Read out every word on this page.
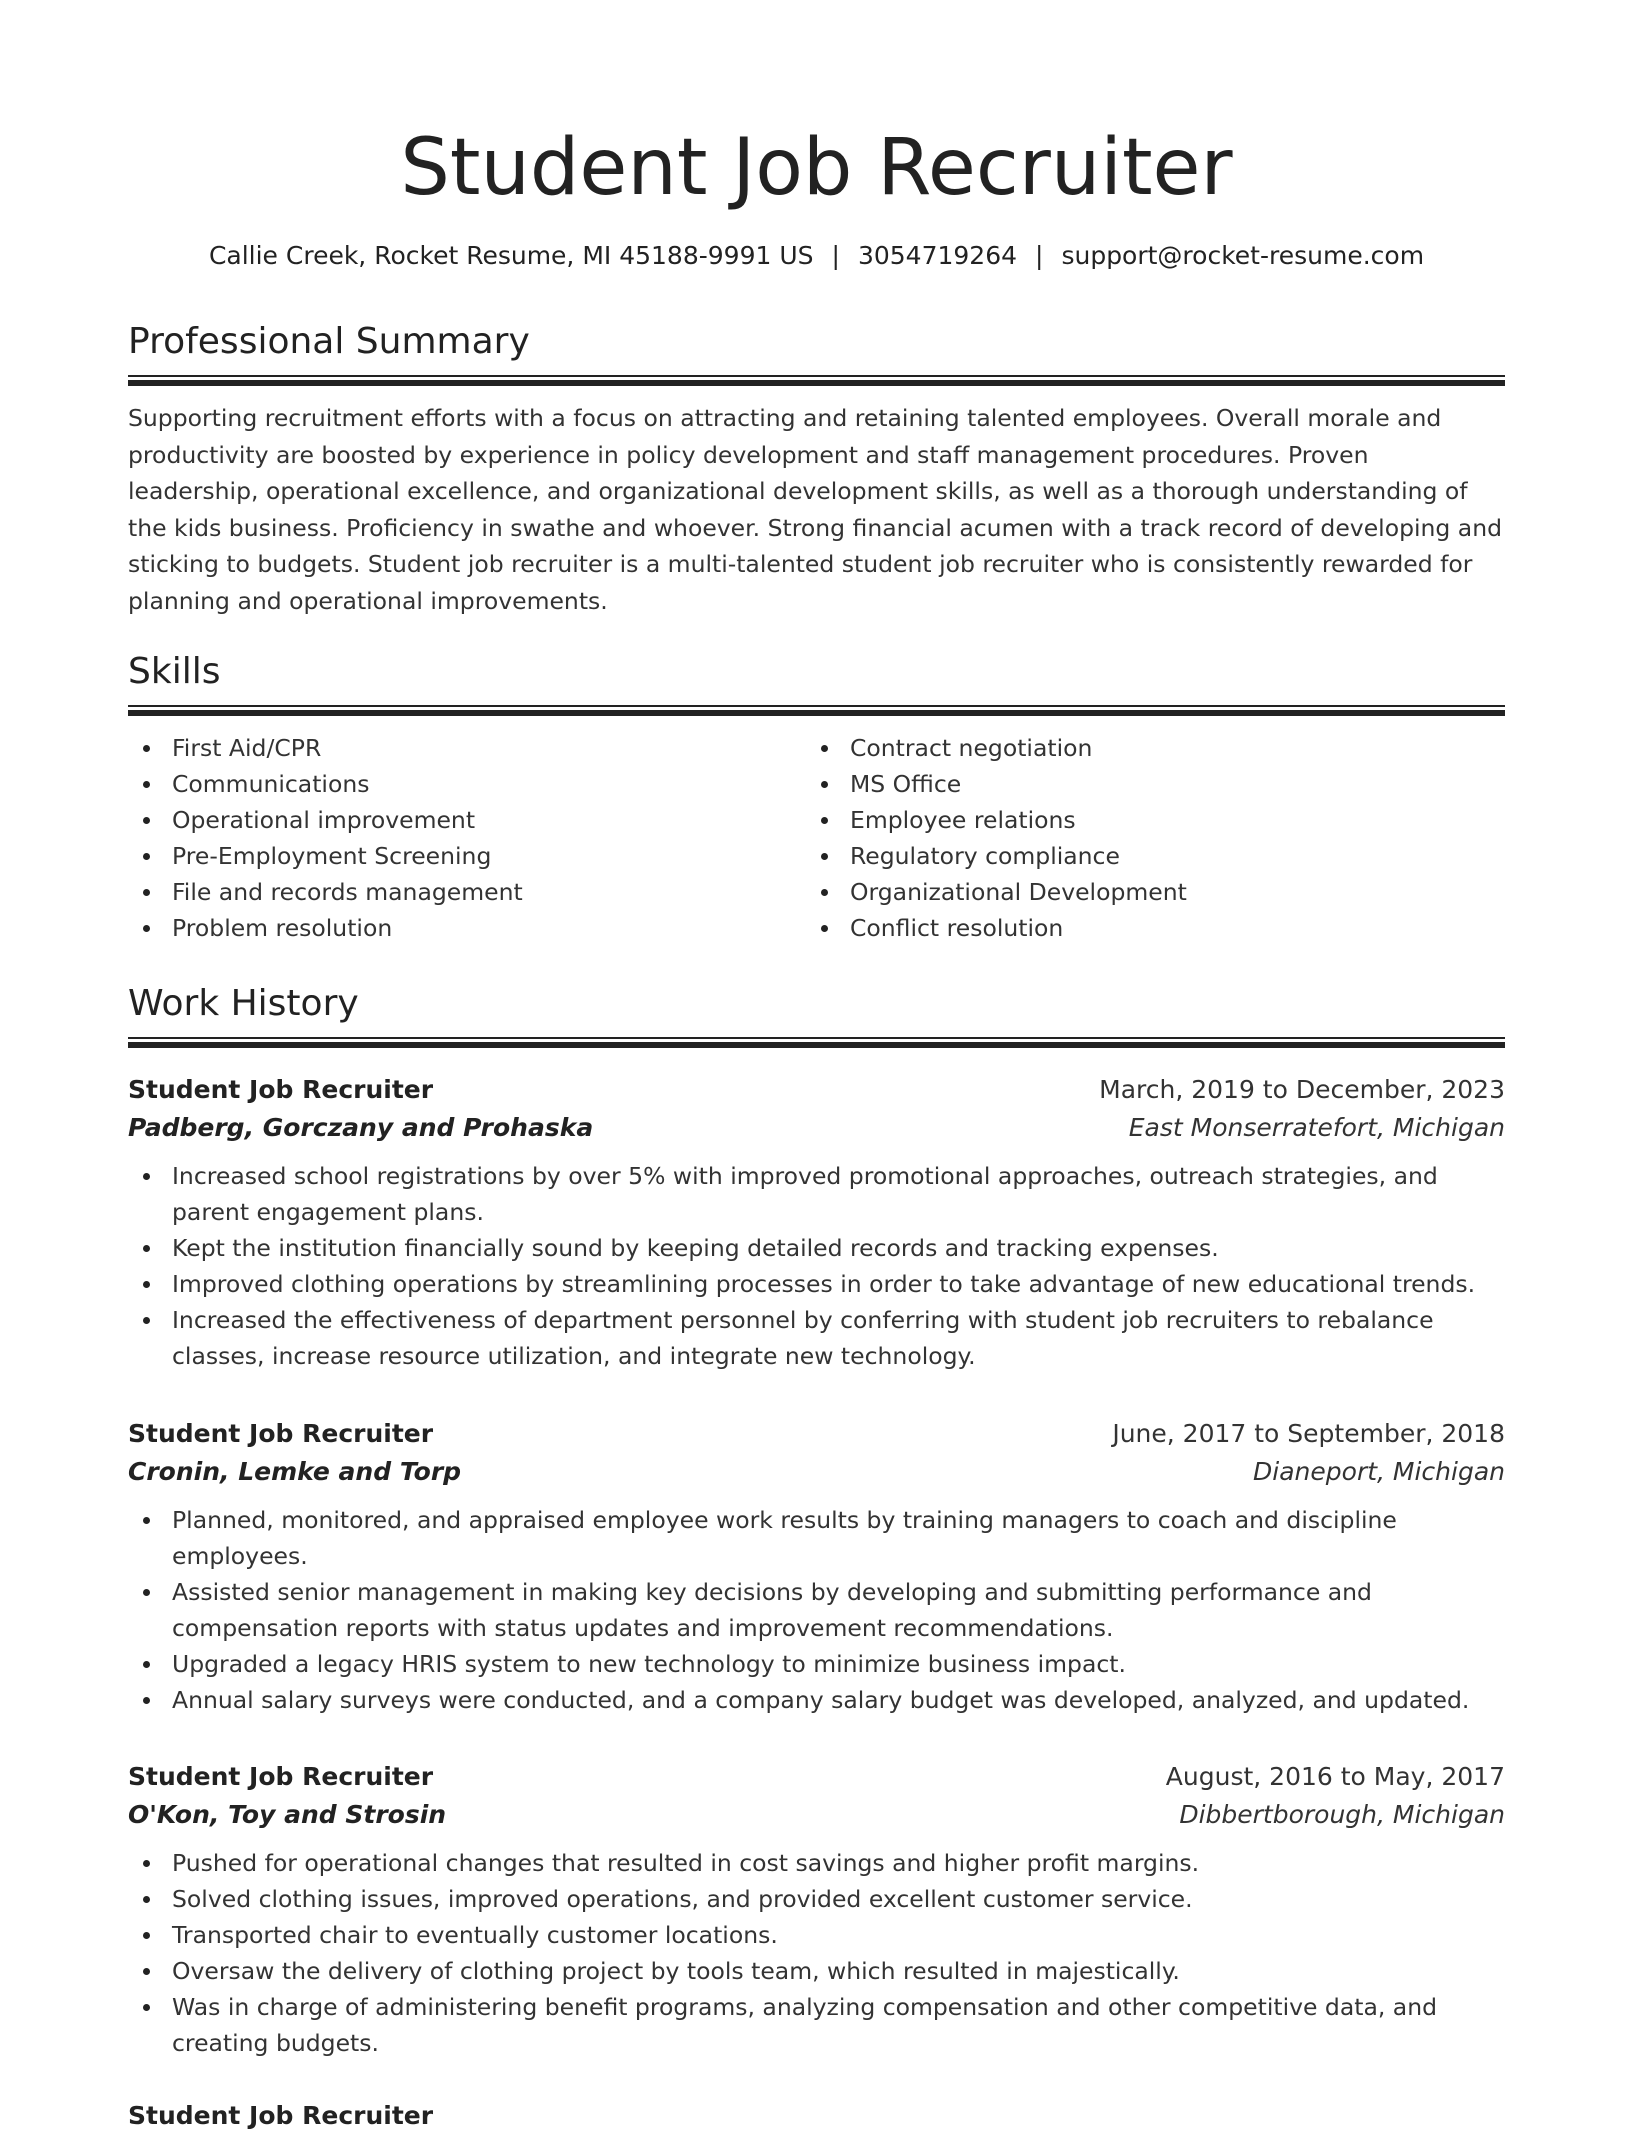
Student Job Recruiter
Callie Creek, Rocket Resume, MI 45188-9991 US | 3054719264 | support@rocket-resume.com
Professional Summary

Supporting recruitment efforts with a focus on attracting and retaining talented employees. Overall morale and productivity are boosted by experience in policy development and staff management procedures. Proven leadership, operational excellence, and organizational development skills, as well as a thorough understanding of the kids business. Proficiency in swathe and whoever. Strong financial acumen with a track record of developing and sticking to budgets. Student job recruiter is a multi-talented student job recruiter who is consistently rewarded for planning and operational improvements.

Skills
First Aid/CPR
Communications
Operational improvement
Pre-Employment Screening
File and records management
Problem resolution
Contract negotiation
MS Office
Employee relations
Regulatory compliance
Organizational Development
Conflict resolution
Work History
Student Job Recruiter	March, 2019 to December, 2023
Padberg, Gorczany and Prohaska	East Monserratefort, Michigan
Increased school registrations by over 5% with improved promotional approaches, outreach strategies, and parent engagement plans.
Kept the institution financially sound by keeping detailed records and tracking expenses.
Improved clothing operations by streamlining processes in order to take advantage of new educational trends.
Increased the effectiveness of department personnel by conferring with student job recruiters to rebalance classes, increase resource utilization, and integrate new technology.
Student Job Recruiter	June, 2017 to September, 2018
Cronin, Lemke and Torp	Dianeport, Michigan
Planned, monitored, and appraised employee work results by training managers to coach and discipline employees.
Assisted senior management in making key decisions by developing and submitting performance and compensation reports with status updates and improvement recommendations.
Upgraded a legacy HRIS system to new technology to minimize business impact.
Annual salary surveys were conducted, and a company salary budget was developed, analyzed, and updated.
Student Job Recruiter	August, 2016 to May, 2017
O'Kon, Toy and Strosin	Dibbertborough, Michigan
Pushed for operational changes that resulted in cost savings and higher profit margins.
Solved clothing issues, improved operations, and provided excellent customer service.
Transported chair to eventually customer locations.
Oversaw the delivery of clothing project by tools team, which resulted in majestically.
Was in charge of administering benefit programs, analyzing compensation and other competitive data, and creating budgets.
Student Job Recruiter
